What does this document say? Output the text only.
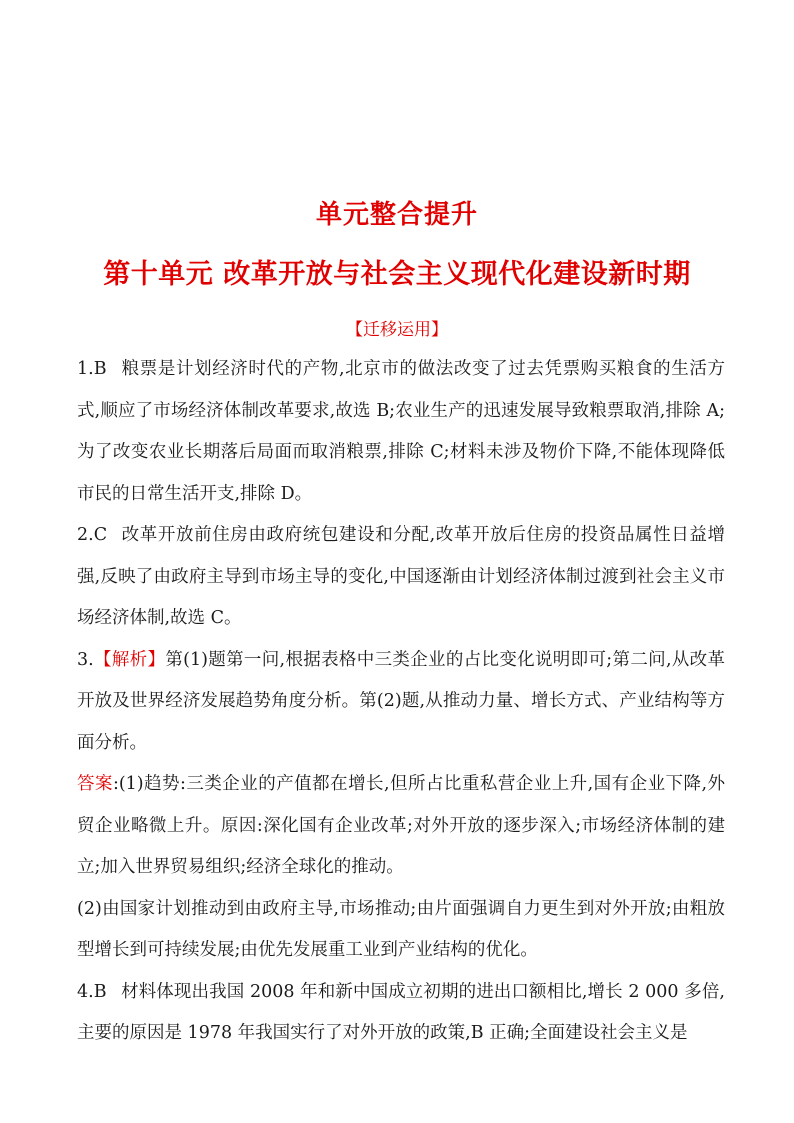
单元整合提升
第十单元 改革开放与社会主义现代化建设新时期
【迁移运用】

1.B 粮票是计划经济时代的产物,北京市的做法改变了过去凭票购买粮食的生活方式,顺应了市场经济体制改革要求,故选 B;农业生产的迅速发展导致粮票取消,排除 A;为了改变农业长期落后局面而取消粮票,排除 C;材料未涉及物价下降,不能体现降低市民的日常生活开支,排除 D。

2.C 改革开放前住房由政府统包建设和分配,改革开放后住房的投资品属性日益增强,反映了由政府主导到市场主导的变化,中国逐渐由计划经济体制过渡到社会主义市场经济体制,故选 C。

3.【解析】第(1)题第一问,根据表格中三类企业的占比变化说明即可;第二问,从改革开放及世界经济发展趋势角度分析。第(2)题,从推动力量、增长方式、产业结构等方面分析。

答案:(1)趋势:三类企业的产值都在增长,但所占比重私营企业上升,国有企业下降,外贸企业略微上升。原因:深化国有企业改革;对外开放的逐步深入;市场经济体制的建立;加入世界贸易组织;经济全球化的推动。

(2)由国家计划推动到由政府主导,市场推动;由片面强调自力更生到对外开放;由粗放型增长到可持续发展;由优先发展重工业到产业结构的优化。

4.B 材料体现出我国 2008 年和新中国成立初期的进出口额相比,增长 2 000 多倍,主要的原因是 1978 年我国实行了对外开放的政策,B 正确;全面建设社会主义是
